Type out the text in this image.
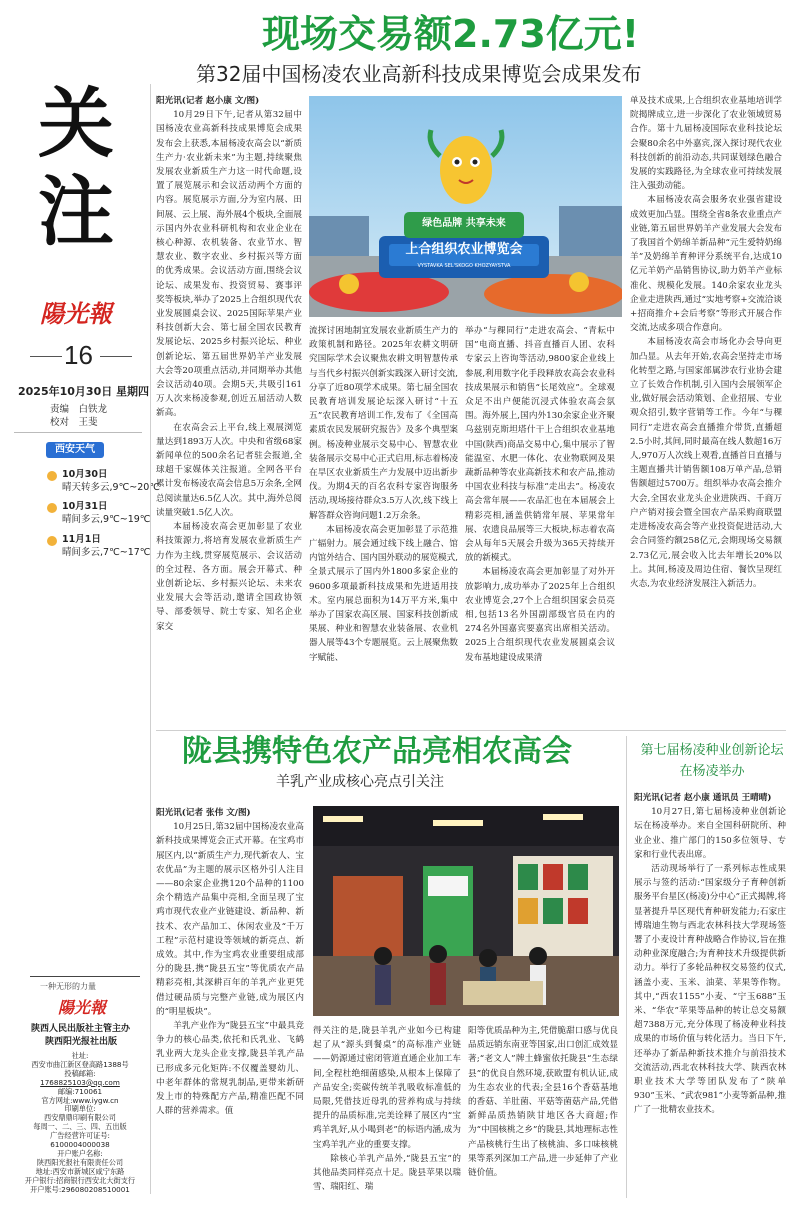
关
注
陽光報
16
2025年10月30日 星期四
责编　白铁龙
校对　王斐
西安天气
10月30日
晴天转多云,9℃~20℃
10月31日
晴间多云,9℃~19℃
11月1日
晴间多云,7℃~17℃
一种无形的力量
陽光報
陕西人民出版社主管主办
陕西阳光报社出版
社址:
西安市曲江新区登高路1388号
投稿邮箱:
1768825103@qq.com
邮编:710061
官方网址:www.iygw.cn
印刷单位:
西安鼎鼎印刷有限公司
每周一、二、三、四、五出版
广告经营许可证号:
6100004000038
开户账户名称:
陕西阳光报社有限责任公司
地址:西安市新城区咸宁东路
开户银行:招商银行西安北大街支行
开户账号:296080208510001
现场交易额2.73亿元!
第32届中国杨凌农业高新科技成果博览会成果发布

阳光讯(记者 赵小康 文/图)

10月29日下午,记者从第32届中国杨凌农业高新科技成果博览会成果发布会上获悉,本届杨凌农高会以“新质生产力·农业新未来”为主题,持续聚焦发展农业新质生产力这一时代命题,设置了展览展示和会议活动两个方面的内容。展览展示方面,分为室内展、田间展、云上展、海外展4个板块,全面展示国内外农业科研机构和农业企业在核心种源、农机装备、农业节水、智慧农业、数字农业、乡村振兴等方面的优秀成果。会议活动方面,围绕会议论坛、成果发布、投资贸易、赛事评奖等板块,举办了2025上合组织现代农业发展圆桌会议、2025国际苹果产业科技创新大会、第七届全国农民教育发展论坛、2025乡村振兴论坛、种业创新论坛、第五届世界奶羊产业发展大会等20项重点活动,并同期举办其他会议活动40项。会期5天,共吸引161万人次来杨凌参观,创近五届活动人数新高。

在农高会云上平台,线上观展浏览量达到1893万人次。中央和省级68家新闻单位的500余名记者驻会报道,全球超千家媒体关注报道。全网各平台累计发布杨凌农高会信息5万余条,全网总阅读量达6.5亿人次。其中,海外总阅读量突破1.5亿人次。

本届杨凌农高会更加彰显了农业科技策源力,将培育发展农业新质生产力作为主线,贯穿展览展示、会议活动的全过程、各方面。展会开幕式、种业创新论坛、乡村振兴论坛、未来农业发展大会等活动,邀请全国政协领导、部委领导、院士专家、知名企业家交

绿色品牌 共享未来
上合组织农业博览会
VYSTAVKA SEL'SKOGO KHOZYAYSTVA

流探讨困地制宜发展农业新质生产力的政策机制和路径。2025年农耕文明研究国际学术会议聚焦农耕文明智慧传承与当代乡村振兴创新实践深入研讨交流,分享了近80项学术成果。第七届全国农民教育培训发展论坛深入研讨“十五五”农民教育培训工作,发布了《全国高素质农民发展研究报告》及多个典型案例。杨凌种业展示交易中心、智慧农业装备展示交易中心正式启用,标志着杨凌在旱区农业新质生产力发展中迈出新步伐。为期4天的百名农科专家咨询服务活动,现场接待群众3.5万人次,线下线上解答群众咨询问题1.2万余条。

本届杨凌农高会更加彰显了示范推广辐射力。展会通过线下线上融合、馆内馆外结合、国内国外联动的展览模式,全景式展示了国内外1800多家企业的9600多项最新科技成果和先进适用技术。室内展总面积为14万平方米,集中举办了国家农高区展、国家科技创新成果展、种业和智慧农业装备展、农业机器人展等43个专题展览。云上展聚焦数字赋能、

举办“与稞同行”走进农高会、“青耘中国”电商直播、抖音直播百人团、农科专家云上咨询等活动,9800家企业线上参展,利用数字化手段释放农高会农业科技成果展示和销售“长尾效应”。全球观众足不出户便能沉浸式体验农高会氛围。海外展上,国内外130余家企业齐聚乌兹别克斯坦塔什干上合组织农业基地中国(陕西)商品交易中心,集中展示了智能温室、水肥一体化、农业物联网及果蔬新品种等农业高新技术和农产品,推动中国农业科技与标准“走出去”。杨凌农高会常年展——农品汇也在本届展会上精彩亮相,涵盖供销常年展、苹果常年展、农遗良品展等三大板块,标志着农高会从每年5天展会升级为365天持续开放的新模式。

本届杨凌农高会更加彰显了对外开放影响力,成功举办了2025年上合组织农业博览会,27个上合组织国家会员亮相,包括13名外国副部级官员在内的274名外国嘉宾要嘉宾出席相关活动。2025上合组织现代农业发展圆桌会议发布基地建设成果清

单及技术成果,上合组织农业基地培训学院揭牌成立,进一步深化了农业领域贸易合作。第十九届杨凌国际农业科技论坛会聚80余名中外嘉宾,深入探讨现代农业科技创新的前沿动态,共同谋划绿色融合发展的实践路径,为全球农业可持续发展注入强劲动能。

本届杨凌农高会服务农业强省建设成效更加凸显。围绕全省8条农业重点产业链,第五届世界奶羊产业发展大会发布了我国首个奶绵羊新品种“元生爱特奶绵羊”及奶绵羊育种评分系统平台,达成10亿元羊奶产品销售协议,助力奶羊产业标准化、规模化发展。140余家农业龙头企业走进陕西,通过“实地考察+交流洽谈+招商推介+会后考察”等形式开展合作交流,达成多项合作意向。

本届杨凌农高会市场化办会导向更加凸显。从去年开始,农高会坚持走市场化转型之路,与国家部属涉农行业协会建立了长效合作机制,引入国内会展领军企业,做好展会活动策划、企业招展、专业观众招引,数字营销等工作。今年“与稞同行”走进农高会直播推介带货,直播超2.5小时,其间,同时最高在线人数超16万人,970万人次线上观看,直播首日直播与主题直播共计销售额108万单产品,总销售额超过5700万。组织举办农高会推介大会,全国农业龙头企业进陕西、千商万户产销对接会暨全国农产品采购商联盟走进杨凌农高会等产业投资促进活动,大会合同签约额258亿元,会期现场交易额2.73亿元,展会收入比去年增长20%以上。其间,杨凌及周边住宿、餐饮呈现红火态,为农业经济发展注入新活力。

陇县携特色农产品亮相农高会
羊乳产业成核心亮点引关注

阳光讯(记者 张伟 文/图)

10月25日,第32届中国杨凌农业高新科技成果博览会正式开幕。在宝鸡市展区内,以“新质生产力,现代新农人、宝农优品”为主题的展示区格外引人注目——80余家企业携120个品种的1100余个精选产品集中亮相,全面呈现了宝鸡市现代农业产业链建设、新品种、新技术、农产品加工、休闲农业及“千万工程”示范村建设等领域的新亮点、新成效。其中,作为宝鸡农业重要组成部分的陇县,携“陇县五宝”等优质农产品精彩亮相,其深耕百年的羊乳产业更凭借过硬品质与完整产业链,成为展区内的“明星板块”。

羊乳产业作为“陇县五宝”中最具竞争力的核心品类,依托和氏乳业、飞鹤乳业两大龙头企业支撑,陇县羊乳产品已形成多元化矩阵:不仅覆盖婴幼儿、中老年群体的常规乳制品,更带来新研发上市的特殊配方产品,精准匹配不同人群的营养需求。值

得关注的是,陇县羊乳产业如今已构建起了从“源头到餐桌”的高标准产业链——奶源通过密闭管道直通企业加工车间,全程杜绝细菌感染,从根本上保障了产品安全;奕碳传统羊乳吸收标准低的局限,凭借技近母乳的营养构成与持续提升的品质标准,完美诠释了展区内“宝鸡羊乳好,从小喝到老”的标语内涵,成为宝鸡羊乳产业的重要支撑。

除核心羊乳产品外,“陇县五宝”的其他品类同样亮点十足。陇县苹果以瑞雪、瑞阳红、瑞

阳等优质品种为主,凭借脆甜口感与优良品质远销东南亚等国家,出口创汇成效显著;“老文人”牌土蜂蜜依托陇县“生态绿县”的优良自然环境,获欧盟有机认证,成为生态农业的代表;全县16个香菇基地的香菇、羊肚菌、平菇等菌菇产品,凭借新鲜品质热销陕甘地区各大商超;作为“中国核桃之乡”的陇县,其地理标志性产品核桃行生出了核桃油、多口味核桃果等系列深加工产品,进一步延伸了产业链价值。

第七届杨凌种业创新论坛
在杨凌举办

阳光讯(记者 赵小康 通讯员 王晴晴)

10月27日,第七届杨凌种业创新论坛在杨凌举办。来自全国科研院所、种业企业、推广部门的150多位领导、专家和行业代表出席。

活动现场举行了一系列标志性成果展示与签约活动:“国家级分子育种创新服务平台星区(杨凌)分中心”正式揭牌,将显著提升旱区现代育种研发能力;石家庄博瑞迪生物与西北农林科技大学现场签署了小麦设计育种战略合作协议,旨在推动种业深度融合;为育种技术升级提供新动力。举行了多轮品种权交易签约仪式,涵盖小麦、玉米、油菜、苹果等作物。其中,“西农1155”小麦、“宁玉688”玉米、“华农”苹果等品种的转让总交易额超7388万元,充分体现了杨凌种业科技成果的市场价值与转化活力。当日下午,还举办了新品种新技术推介与前沿技术交流活动,西北农林科技大学、陕西农林职业技术大学等团队发布了“陕单930”玉米、“武农981”小麦等新品种,推广了一批精农业技术。
